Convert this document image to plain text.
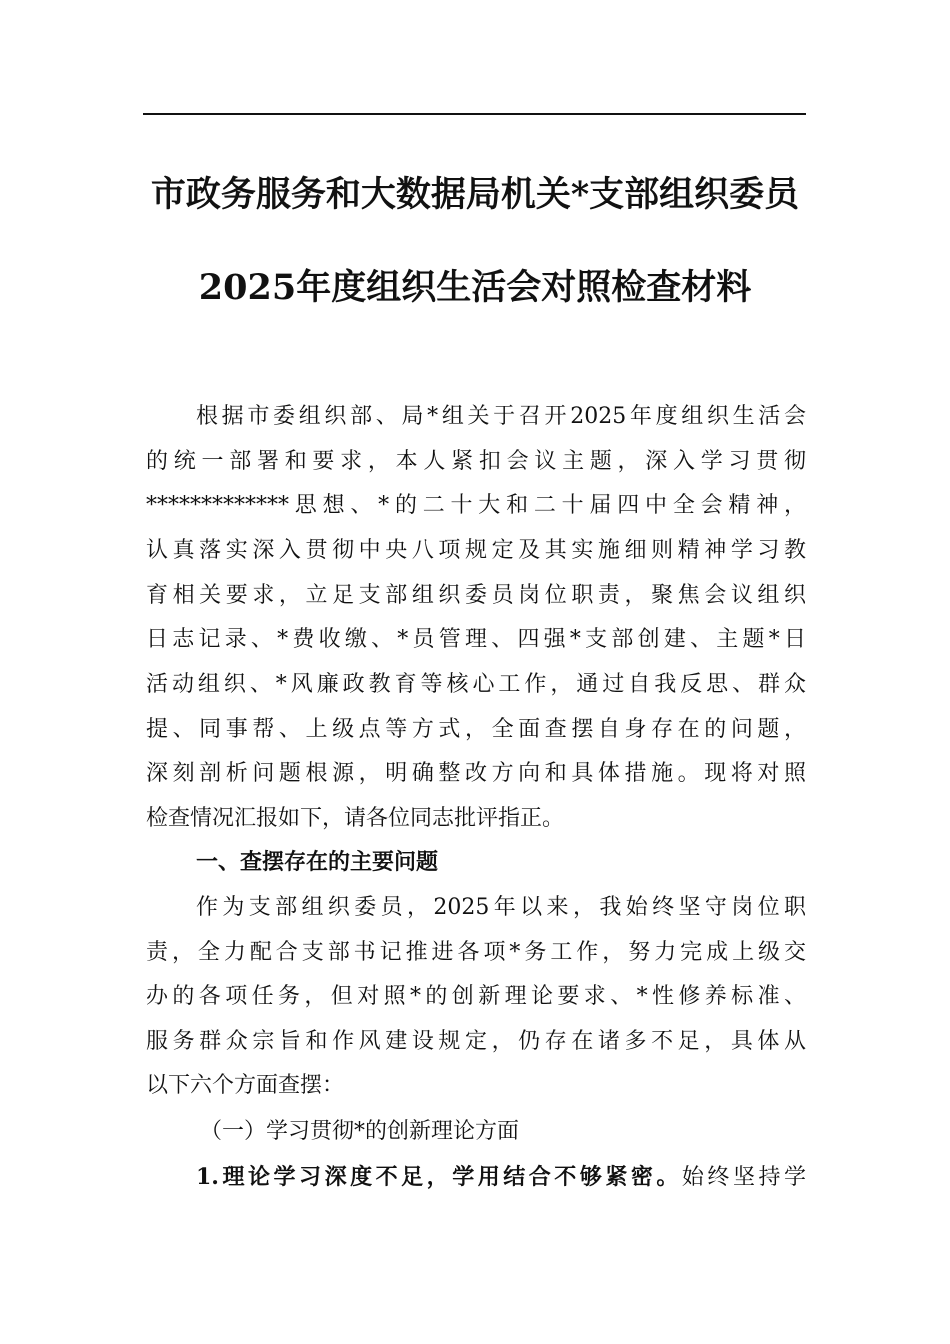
市政务服务和大数据局机关*支部组织委员
2025年度组织生活会对照检查材料
根据市委组织部、局*组关于召开2025年度组织生活会
的统一部署和要求，本人紧扣会议主题，深入学习贯彻
*************思想、*的二十大和二十届四中全会精神，
认真落实深入贯彻中央八项规定及其实施细则精神学习教
育相关要求，立足支部组织委员岗位职责，聚焦会议组织
日志记录、*费收缴、*员管理、四强*支部创建、主题*日
活动组织、*风廉政教育等核心工作，通过自我反思、群众
提、同事帮、上级点等方式，全面查摆自身存在的问题，
深刻剖析问题根源，明确整改方向和具体措施。现将对照
检查情况汇报如下，请各位同志批评指正。
一、查摆存在的主要问题
作为支部组织委员，2025年以来，我始终坚守岗位职
责，全力配合支部书记推进各项*务工作，努力完成上级交
办的各项任务，但对照*的创新理论要求、*性修养标准、
服务群众宗旨和作风建设规定，仍存在诸多不足，具体从
以下六个方面查摆：
（一）学习贯彻*的创新理论方面
1.理论学习深度不足，学用结合不够紧密。始终坚持学
